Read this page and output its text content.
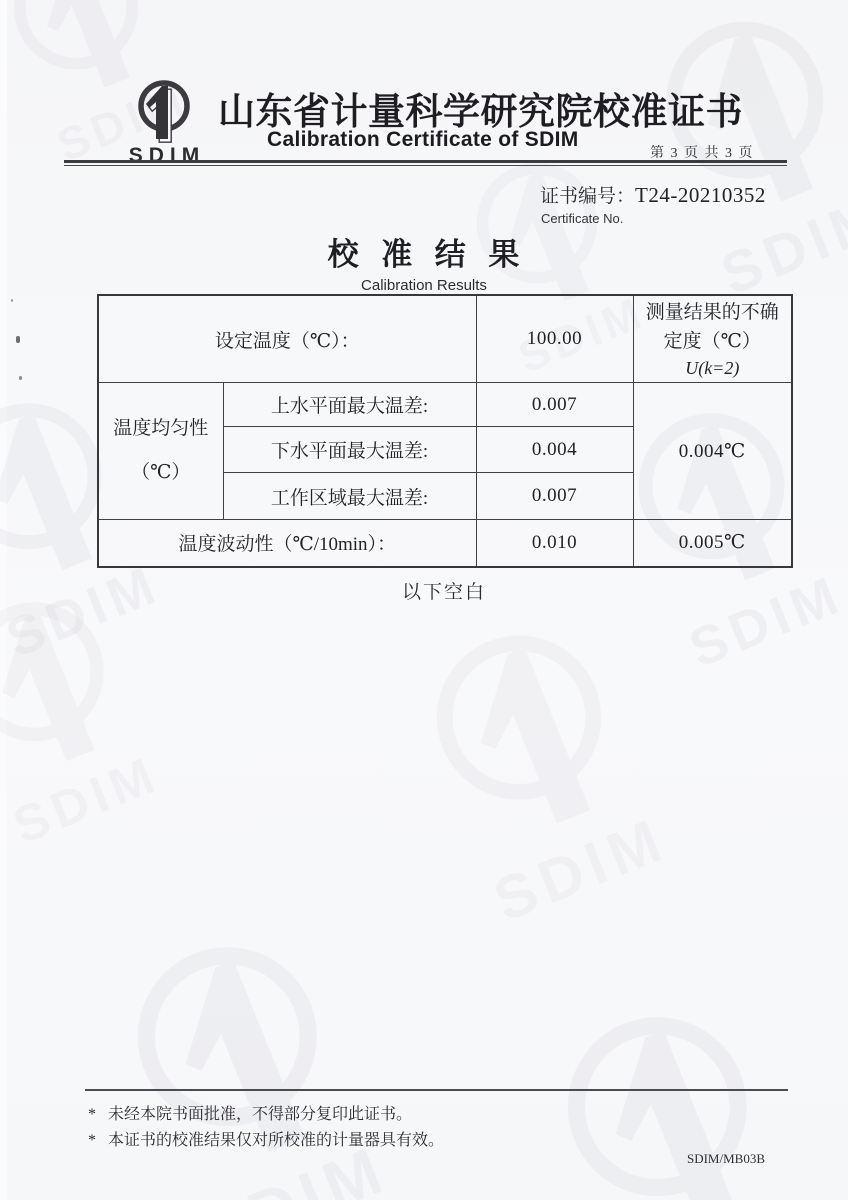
SDIM
山东省计量科学研究院校准证书
Calibration Certificate of SDIM
第 3 页 共 3 页
证书编号：T24-20210352
Certificate No.
校 准 结 果
Calibration Results
设定温度（℃）：		100.00	测量结果的不确定度（℃）
U(k=2)

温度均匀性
（℃）	上水平面最大温差:	0.007	0.004℃
	下水平面最大温差:	0.004	
	工作区域最大温差:	0.007	
温度波动性（℃/10min）：		0.010	0.005℃
以下空白
* 未经本院书面批准，不得部分复印此证书。
* 本证书的校准结果仅对所校准的计量器具有效。
SDIM/MB03B
